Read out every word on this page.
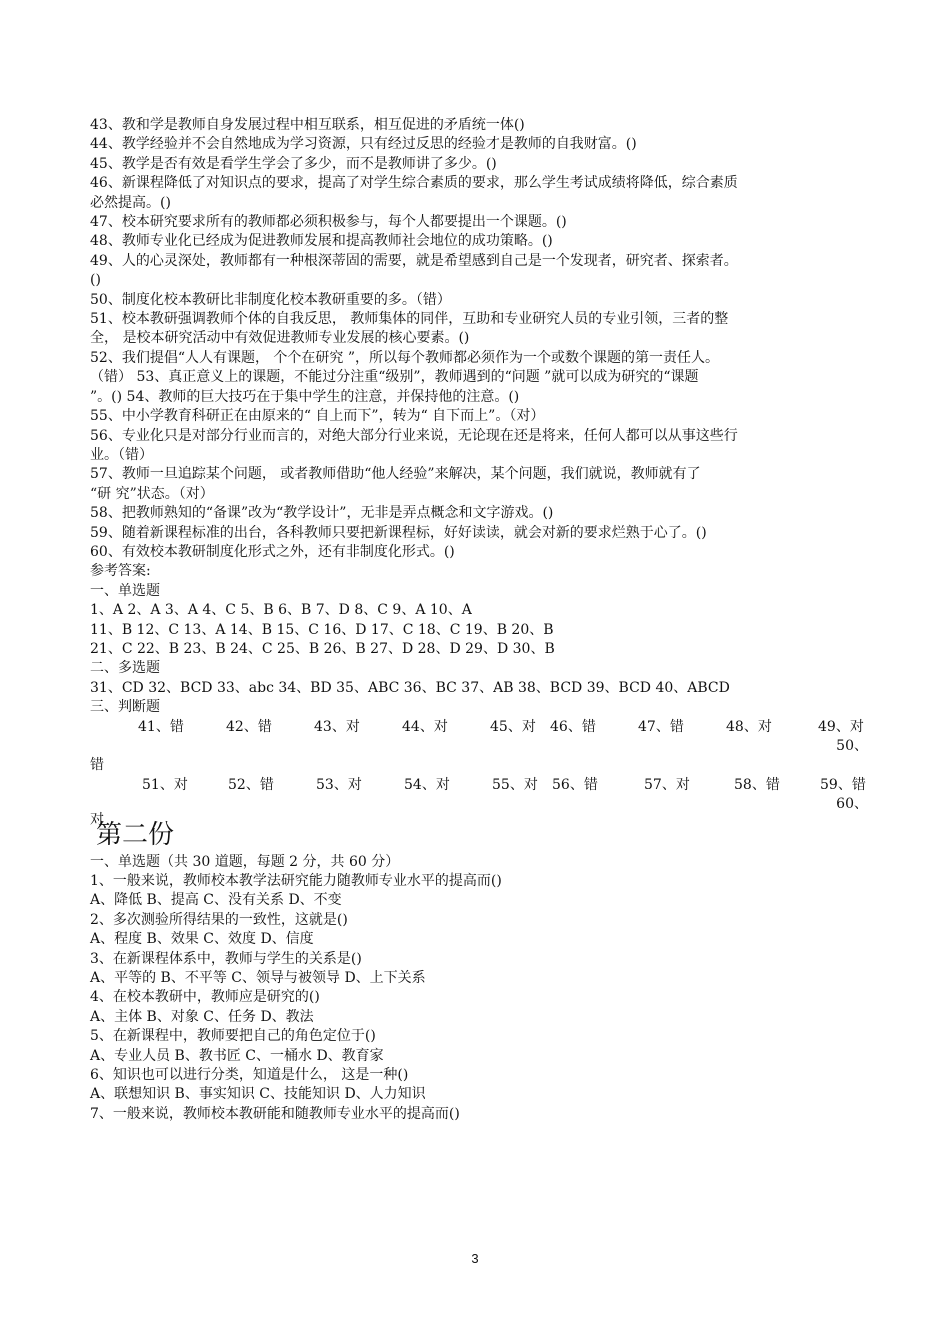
43、教和学是教师自身发展过程中相互联系，相互促进的矛盾统一体()
44、教学经验并不会自然地成为学习资源，只有经过反思的经验才是教师的自我财富。()
45、教学是否有效是看学生学会了多少，而不是教师讲了多少。()
46、新课程降低了对知识点的要求，提高了对学生综合素质的要求，那么学生考试成绩将降低，综合素质
必然提高。()
47、校本研究要求所有的教师都必须积极参与，每个人都要提出一个课题。()
48、教师专业化已经成为促进教师发展和提高教师社会地位的成功策略。()
49、人的心灵深处，教师都有一种根深蒂固的需要，就是希望感到自己是一个发现者，研究者、探索者。
()
50、制度化校本教研比非制度化校本教研重要的多。（错）
51、校本教研强调教师个体的自我反思， 教师集体的同伴，互助和专业研究人员的专业引领，三者的整
全， 是校本研究活动中有效促进教师专业发展的核心要素。()
52、我们提倡“人人有课题， 个个在研究 ”，所以每个教师都必须作为一个或数个课题的第一责任人。
（错） 53、真正意义上的课题，不能过分注重“级别”，教师遇到的“问题 ”就可以成为研究的“课题
”。() 54、教师的巨大技巧在于集中学生的注意，并保持他的注意。()
55、中小学教育科研正在由原来的“ 自上而下”，转为“ 自下而上”。（对）
56、专业化只是对部分行业而言的，对绝大部分行业来说，无论现在还是将来，任何人都可以从事这些行
业。（错）
57、教师一旦追踪某个问题， 或者教师借助“他人经验”来解决，某个问题，我们就说，教师就有了
“研 究”状态。（对）
58、把教师熟知的“备课”改为“教学设计”，无非是弄点概念和文字游戏。()
59、随着新课程标准的出台，各科教师只要把新课程标，好好读读，就会对新的要求烂熟于心了。()
60、有效校本教研制度化形式之外，还有非制度化形式。()
参考答案:
一、单选题
1、A 2、A 3、A 4、C 5、B 6、B 7、D 8、C 9、A 10、A
11、B 12、C 13、A 14、B 15、C 16、D 17、C 18、C 19、B 20、B
21、C 22、B 23、B 24、C 25、B 26、B 27、D 28、D 29、D 30、B
二、多选题
31、CD 32、BCD 33、abc 34、BD 35、ABC 36、BC 37、AB 38、BCD 39、BCD 40、ABCD
三、判断题
41、错	42、错	43、对	44、对	45、对 46、错	47、错	48、对	49、对
50、
错
51、对	52、错	53、对	54、对	55、对 56、错	57、对	58、错	59、错
60、
对
第二份
一、单选题（共 30 道题，每题 2 分，共 60 分）
1、一般来说，教师校本教学法研究能力随教师专业水平的提高而()
A、降低 B、提高 C、没有关系 D、不变
2、多次测验所得结果的一致性，这就是()
A、程度 B、效果 C、效度 D、信度
3、在新课程体系中，教师与学生的关系是()
A、平等的 B、不平等 C、领导与被领导 D、上下关系
4、在校本教研中，教师应是研究的()
A、主体 B、对象 C、任务 D、教法
5、在新课程中，教师要把自己的角色定位于()
A、专业人员 B、教书匠 C、一桶水 D、教育家
6、知识也可以进行分类，知道是什么， 这是一种()
A、联想知识 B、事实知识 C、技能知识 D、人力知识
7、一般来说，教师校本教研能和随教师专业水平的提高而()
3
